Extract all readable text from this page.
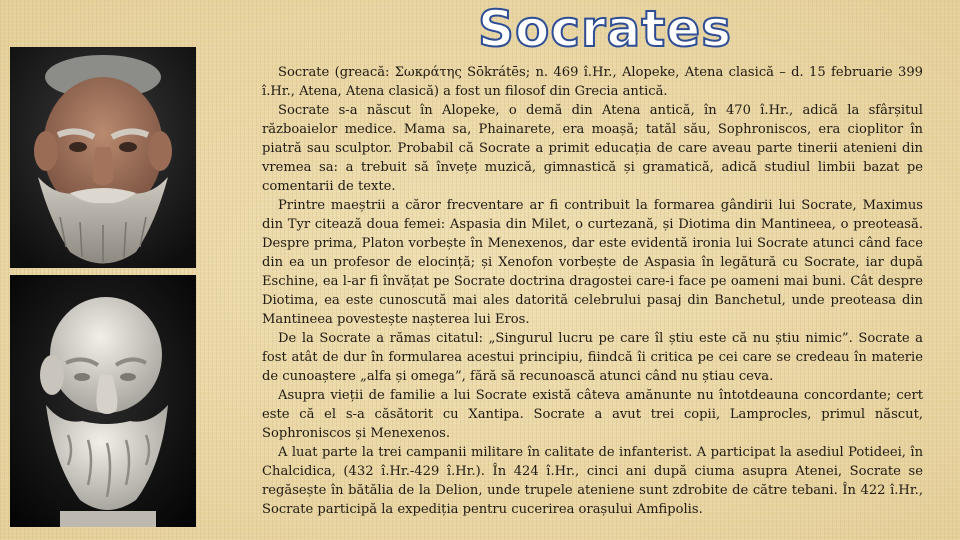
Socrates

Socrate (greacă: Σωκράτης Sōkrátēs; n. 469 î.Hr., Alopeke, Atena clasică – d. 15 februarie 399 î.Hr., Atena, Atena clasică) a fost un filosof din Grecia antică.

Socrate s-a născut în Alopeke, o demă din Atena antică, în 470 î.Hr., adică la sfârșitul războaielor medice. Mama sa, Phainarete, era moașă; tatăl său, Sophroniscos, era cioplitor în piatră sau sculptor. Probabil că Socrate a primit educația de care aveau parte tinerii atenieni din vremea sa: a trebuit să învețe muzică, gimnastică și gramatică, adică studiul limbii bazat pe comentarii de texte.

Printre maeștrii a căror frecventare ar fi contribuit la formarea gândirii lui Socrate, Maximus din Tyr citează doua femei: Aspasia din Milet, o curtezană, și Diotima din Mantineea, o preoteasă. Despre prima, Platon vorbește în Menexenos, dar este evidentă ironia lui Socrate atunci când face din ea un profesor de elocință; și Xenofon vorbește de Aspasia în legătură cu Socrate, iar după Eschine, ea l-ar fi învățat pe Socrate doctrina dragostei care-i face pe oameni mai buni. Cât despre Diotima, ea este cunoscută mai ales datorită celebrului pasaj din Banchetul, unde preoteasa din Mantineea povestește nașterea lui Eros.

De la Socrate a rămas citatul: „Singurul lucru pe care îl știu este că nu știu nimic”. Socrate a fost atât de dur în formularea acestui principiu, fiindcă îi critica pe cei care se credeau în materie de cunoaștere „alfa și omega”, fără să recunoască atunci când nu știau ceva.

Asupra vieții de familie a lui Socrate există câteva amănunte nu întotdeauna concordante; cert este că el s-a căsătorit cu Xantipa. Socrate a avut trei copii, Lamprocles, primul născut, Sophroniscos și Menexenos.

A luat parte la trei campanii militare în calitate de infanterist. A participat la asediul Potideei, în Chalcidica, (432 î.Hr.-429 î.Hr.). În 424 î.Hr., cinci ani după ciuma asupra Atenei, Socrate se regăsește în bătălia de la Delion, unde trupele ateniene sunt zdrobite de către tebani. În 422 î.Hr., Socrate participă la expediția pentru cucerirea orașului Amfipolis.
